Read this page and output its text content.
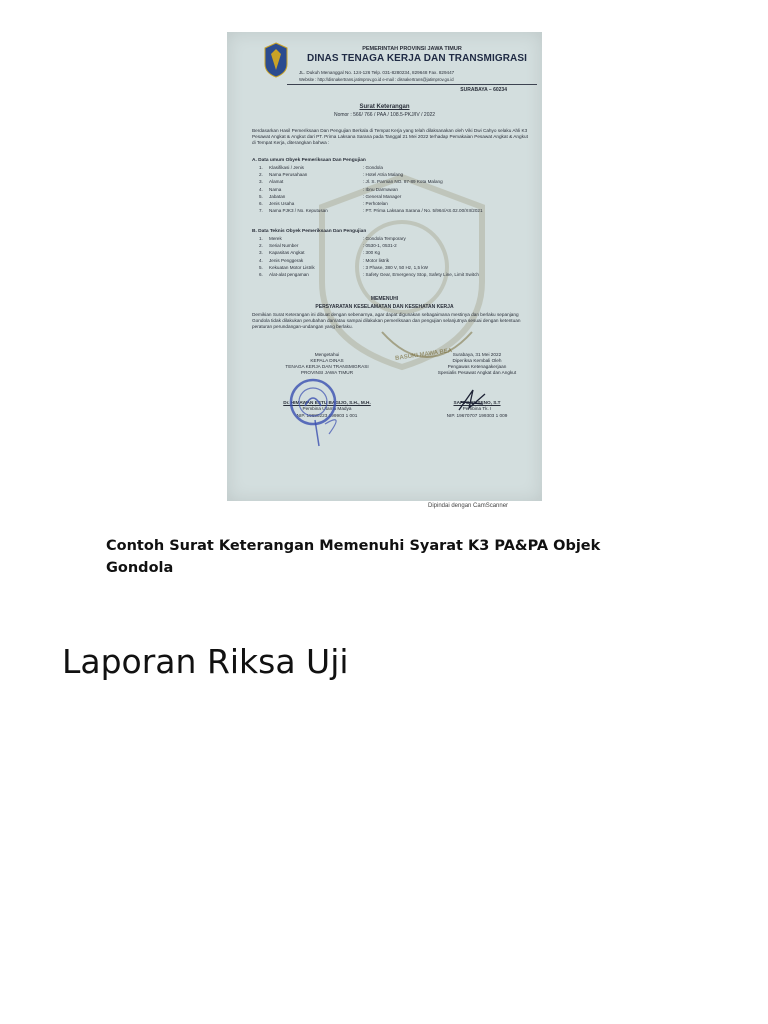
PEMERINTAH PROVINSI JAWA TIMUR
DINAS TENAGA KERJA DAN TRANSMIGRASI
JL. Dukuh Menanggal No. 124-126 Telp. 031-8280234, 829648 Fax. 829447
Website : http://disnakertrans.jatimprov.go.id e-mail : disnakertrans@jatimprov.go.id
SURABAYA – 60234
Surat Keterangan
Nomor : 566/ 766 / PAA / 108.5-PKJ/IV / 2022
Berdasarkan Hasil Pemeriksaan Dan Pengujian Berkala di Tempat Kerja yang telah dilaksanakan oleh Viki Dwi Cahyo selaku Ahli K3 Pesawat Angkat & Angkut dari PT. Prima Laksana Sarana pada Tanggal 21 Mei 2022 terhadap Pemakaian Pesawat Angkat & Angkut di Tempat Kerja, diterangkan bahwa :
A. Data umum Obyek Pemeriksaan Dan Pengujian
1.	Klasifikasi / Jenis	: Gondola
2.	Nama Perusahaan	: Hotel Atria Malang
3.	Alamat	: Jl. S. Parman NO. 87-89 Kota Malang
4.	Nama	: Ibnu Darmawan
5.	Jabatan	: General Manager
6.	Jenis Usaha	: Perhotelan
7.	Nama PJK3 / No. Keputusan	: PT. Prima Laksana Sarana / No. 5/964/AS.02.00/XII/2021
B. Data Teknis Obyek Pemeriksaan Dan Pengujian
1.	Merek	: Gondola Temporary
2.	Serial Number	: 0530-1, 0531-2
3.	Kapasitas Angkat	: 300 Kg
4.	Jenis Penggerak	: Motor listrik
5.	Kekuatan Motor Listrik	: 3 Phase, 380 V, 50 Hz, 1,5 kW
6.	Alat-alat pengaman	: Safety Gear, Emergency Stop, Safety Line, Limit Switch
MEMENUHI
PERSYARATAN KESELAMATAN DAN KESEHATAN KERJA
Demikian Surat Keterangan ini dibuat dengan sebenarnya, agar dapat digunakan sebagaimana mestinya dan berlaku sepanjang Gondola tidak dilakukan perubahan dan/atau sampai dilakukan pemeriksaan dan pengujian selanjutnya sesuai dengan ketentuan peraturan perundangan-undangan yang berlaku.
BASUKI MAWA BEA
Mengetahui
KEPALA DINAS
TENAGA KERJA DAN TRANSMIGRASI
PROVINSI JAWA TIMUR
Dr. HIMAWAN ESTU BAGIJO, S.H., M.H.
Pembina Utama Madya
NIP. 19680223 199903 1 001
Surabaya, 31 Mei 2022
Diperiksa Kembali Oleh
Pengawas Ketenagakerjaan
Spesialis Pesawat Angkat dan Angkut
SAPTO SUSENO, S.T
Pembina Tk. I
NIP. 19670707 199303 1 009
Dipindai dengan CamScanner
Contoh Surat Keterangan Memenuhi Syarat K3 PA&PA Objek Gondola
Laporan Riksa Uji
